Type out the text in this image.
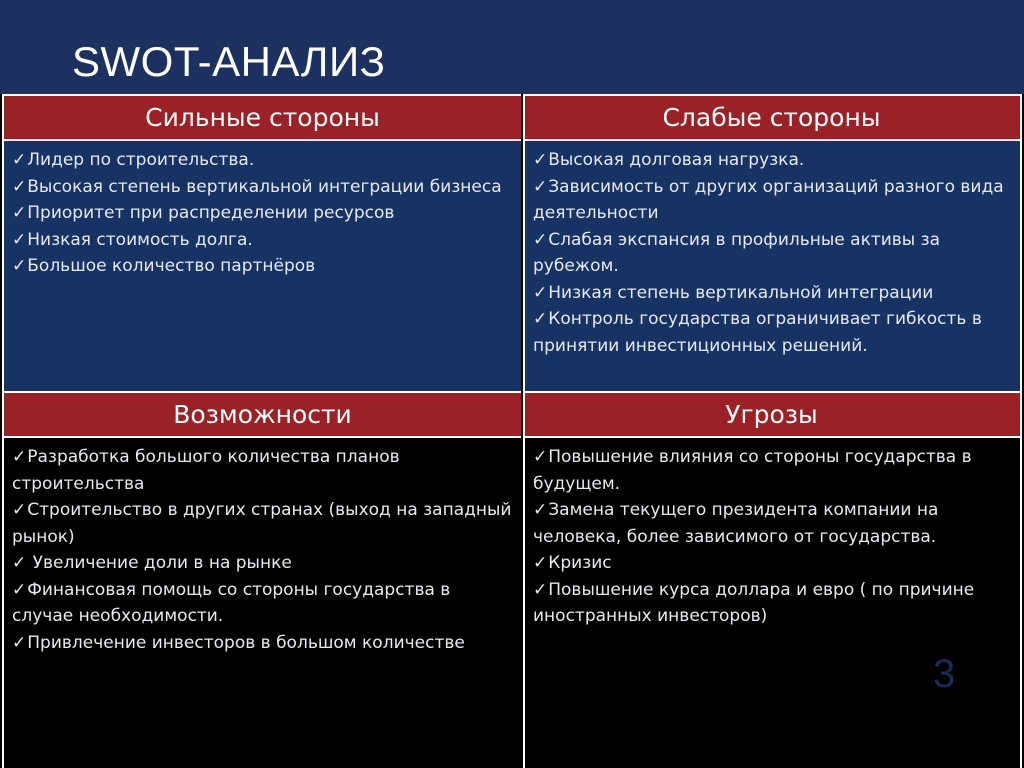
SWOT-АНАЛИЗ
Сильные стороны	Слабые стороны
✓Лидер по строительства.
✓Высокая степень вертикальной интеграции бизнеса
✓Приоритет при распределении ресурсов
✓Низкая стоимость долга.
✓Большое количество партнёров
✓Высокая долговая нагрузка.
✓Зависимость от других организаций разного вида деятельности
✓Слабая экспансия в профильные активы за рубежом.
✓Низкая степень вертикальной интеграции
✓Контроль государства ограничивает гибкость в принятии инвестиционных решений.
Возможности	Угрозы
✓Разработка большого количества планов строительства
✓Строительство в других странах (выход на западный рынок)
✓ Увеличение доли в на рынке
✓Финансовая помощь со стороны государства в случае необходимости.
✓Привлечение инвесторов в большом количестве
✓Повышение влияния со стороны государства в будущем.
✓Замена текущего президента компании на человека, более зависимого от государства.
✓Кризис
✓Повышение курса доллара и евро ( по причине иностранных инвесторов)
3
